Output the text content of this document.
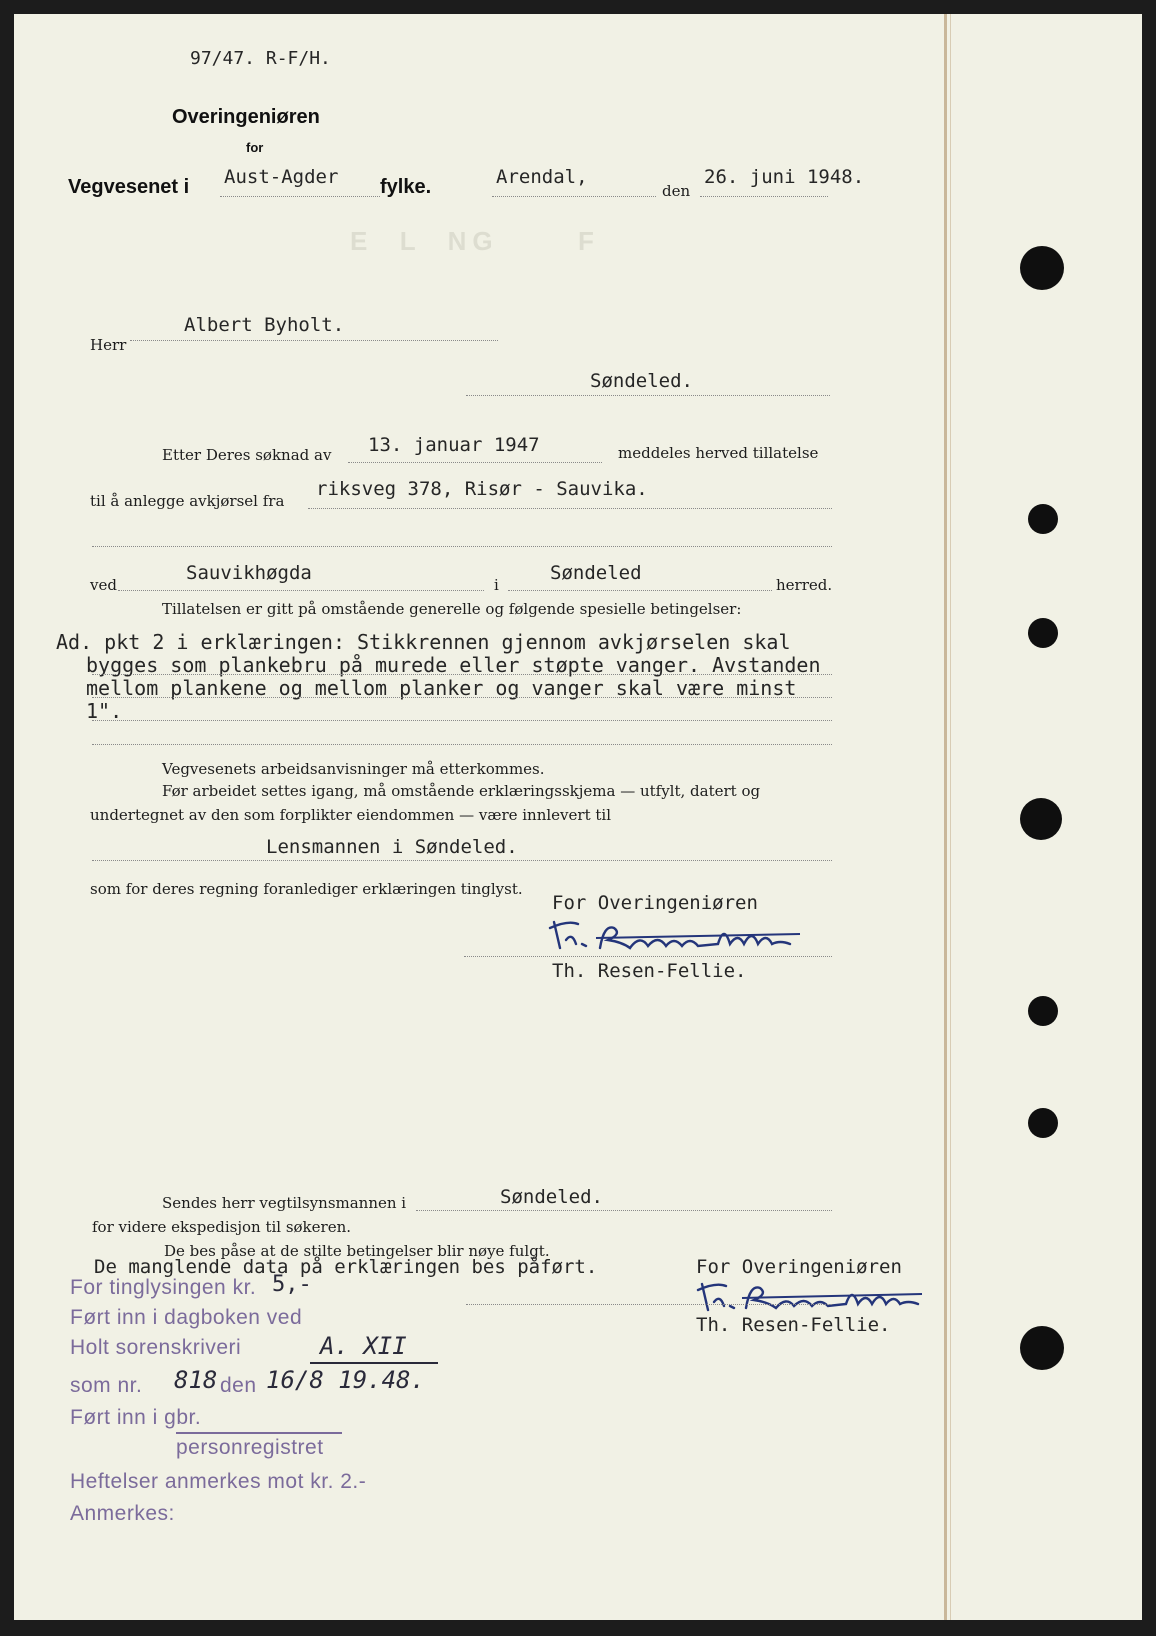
97/47. R-F/H.
Overingeniøren
for
Vegvesenet i Aust-Agder fylke.	Arendal,
den
26. juni 1948.
E  L  NG      F
Herr
Albert Byholt.
Søndeled.
Etter Deres søknad av 13. januar 1947	meddeles herved tillatelse
til å anlegge avkjørsel fra
riksveg 378, Risør - Sauvika.
ved
Sauvikhøgda
i
Søndeled
herred.
Tillatelsen er gitt på omstående generelle og følgende spesielle betingelser:
Ad. pkt 2 i erklæringen: Stikkrennen gjennom avkjørselen skal
bygges som plankebru på murede eller støpte vanger. Avstanden
mellom plankene og mellom planker og vanger skal være minst
1".
Vegvesenets arbeidsanvisninger må etterkommes.
Før arbeidet settes igang, må omstående erklæringsskjema — utfylt, datert og
undertegnet av den som forplikter eiendommen — være innlevert til
Lensmannen i Søndeled.
som for deres regning foranlediger erklæringen tinglyst.
For Overingeniøren
Th. Resen-Fellie.
Sendes herr vegtilsynsmannen i	Søndeled.
for videre ekspedisjon til søkeren.
De bes påse at de stilte betingelser blir nøye fulgt.
De manglende data på erklæringen bes påført.	For Overingeniøren
Th. Resen-Fellie.
For tinglysingen kr. 5,-
Ført inn i dagboken ved
Holt sorenskriveri	A. XII
som nr. 818 den 16/8 19.48.
Ført inn i gbr.
personregistret
Heftelser anmerkes mot kr. 2.-
Anmerkes:
